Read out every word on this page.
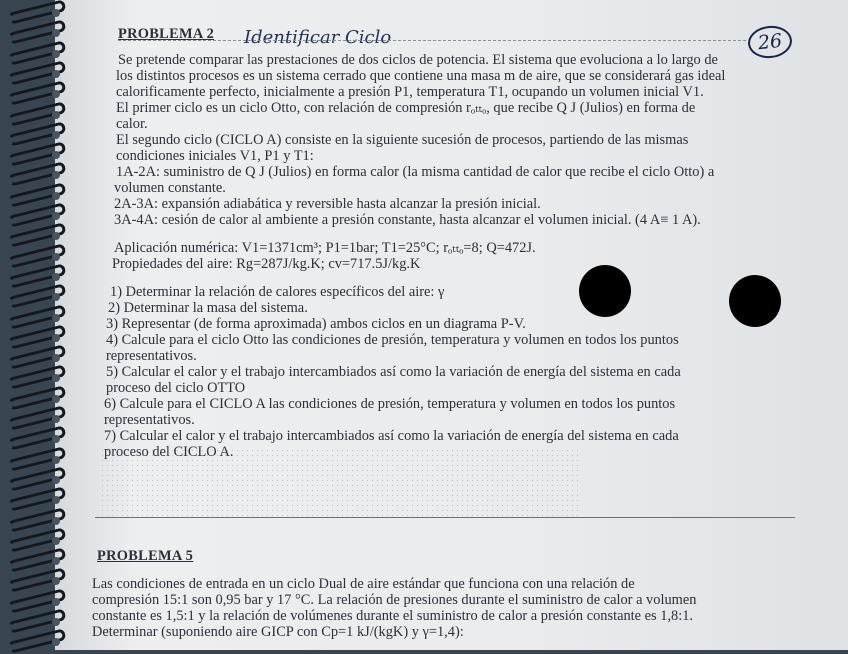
26
PROBLEMA 2 Identificar Ciclo
Se pretende comparar las prestaciones de dos ciclos de potencia. El sistema que evoluciona a lo largo de
los distintos procesos es un sistema cerrado que contiene una masa m de aire, que se considerará gas ideal
calorificamente perfecto, inicialmente a presión P1, temperatura T1, ocupando un volumen inicial V1.
El primer ciclo es un ciclo Otto, con relación de compresión rₒₜₜₒ, que recibe Q J (Julios) en forma de
calor.
El segundo ciclo (CICLO A) consiste en la siguiente sucesión de procesos, partiendo de las mismas
condiciones iniciales V1, P1 y T1:
1A-2A: suministro de Q J (Julios) en forma calor (la misma cantidad de calor que recibe el ciclo Otto) a
volumen constante.
2A-3A: expansión adiabática y reversible hasta alcanzar la presión inicial.
3A-4A: cesión de calor al ambiente a presión constante, hasta alcanzar el volumen inicial. (4 A≡ 1 A).
Aplicación numérica: V1=1371cm³; P1=1bar; T1=25°C; rₒₜₜₒ=8; Q=472J.
Propiedades del aire: Rg=287J/kg.K; cv=717.5J/kg.K
1) Determinar la relación de calores específicos del aire: γ
2) Determinar la masa del sistema.
3) Representar (de forma aproximada) ambos ciclos en un diagrama P-V.
4) Calcule para el ciclo Otto las condiciones de presión, temperatura y volumen en todos los puntos
representativos.
5) Calcular el calor y el trabajo intercambiados así como la variación de energía del sistema en cada
proceso del ciclo OTTO
6) Calcule para el CICLO A las condiciones de presión, temperatura y volumen en todos los puntos
representativos.
7) Calcular el calor y el trabajo intercambiados así como la variación de energía del sistema en cada
proceso del CICLO A.
PROBLEMA 5
Las condiciones de entrada en un ciclo Dual de aire estándar que funciona con una relación de
compresión 15:1 son 0,95 bar y 17 °C. La relación de presiones durante el suministro de calor a volumen
constante es 1,5:1 y la relación de volúmenes durante el suministro de calor a presión constante es 1,8:1.
Determinar (suponiendo aire GICP con Cp=1 kJ/(kgK) y γ=1,4):
